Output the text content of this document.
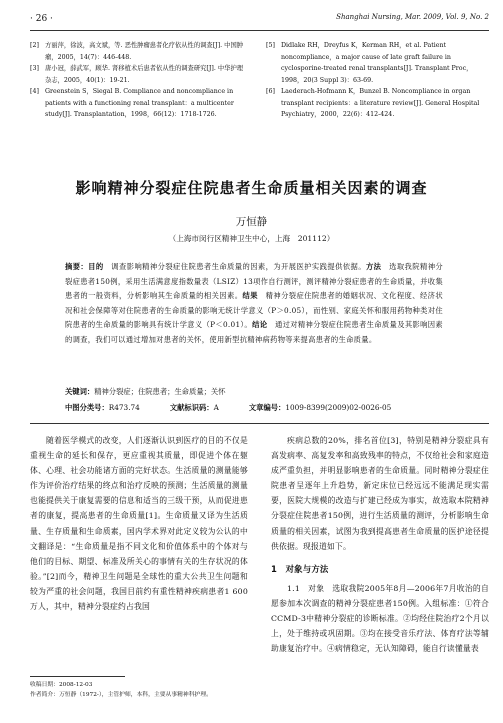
· 26 ·	Shanghai Nursing, Mar. 2009, Vol. 9, No. 2
[2] 方丽萍，徐波，高文斌，等. 恶性肿瘤患者化疗依从性的调查[J]. 中国肿瘤，2005，14(7)：446-448.
[3] 唐小冠，薛武军，顾华. 肾移植术后患者依从性的调查研究[J]. 中华护理杂志，2005，40(1)：19-21.
[4] Greenstein S，Siegal B. Compliance and noncompliance in patients with a functioning renal transplant：a multicenter study[J]. Transplantation，1998，66(12)：1718-1726.
[5] Didlake RH，Dreyfus K，Kerman RH，et al. Patient noncompliance，a major cause of late graft failure in cyclosporine-treated renal transplants[J]. Transplant Proc，1998，20(3 Suppl 3)：63-69.
[6] Laederach-Hofmann K，Bunzel B. Noncompliance in organ transplant recipients：a literature review[J]. General Hospital Psychiatry，2000，22(6)：412-424.
影响精神分裂症住院患者生命质量相关因素的调查
万恒静
（上海市闵行区精神卫生中心，上海　201112）
摘要：目的　调查影响精神分裂症住院患者生命质量的因素，为开展医护实践提供依据。方法　选取我院精神分裂症患者150例，采用生活满意度指数量表（LSIZ）13项作自行测评，测评精神分裂症患者的生命质量，并收集患者的一般资料，分析影响其生命质量的相关因素。结果　精神分裂症住院患者的婚姻状况、文化程度、经济状况和社会保障等对住院患者的生命质量的影响无统计学意义（P＞0.05），而性别、家庭关怀和服用药物种类对住院患者的生命质量的影响具有统计学意义（P＜0.01）。结论　通过对精神分裂症住院患者生命质量及其影响因素的调查，我们可以通过增加对患者的关怀，使用新型抗精神病药物等来提高患者的生命质量。
关键词：精神分裂症；住院患者；生命质量；关怀
中图分类号：R473.74	文献标识码：A	文章编号：1009-8399(2009)02-0026-05

随着医学模式的改变，人们逐渐认识到医疗的目的不仅是重视生命的延长和保存，更应重视其质量，即促进个体在躯体、心理、社会功能诸方面的完好状态。生活质量的测量能够作为评价治疗结果的终点和治疗反映的预测；生活质量的测量也能提供关于康复需要的信息和适当的三级干预，从而促进患者的康复，提高患者的生命质量[1]。生命质量又译为生活质量、生存质量和生命质素，国内学术界对此定义较为公认的中文翻译是：“生命质量是指不同文化和价值体系中的个体对与他们的目标、期望、标准及所关心的事情有关的生存状况的体验。”[2]而今，精神卫生问题是全球性的重大公共卫生问题和较为严重的社会问题，我国目前约有重性精神疾病患者1 600万人，其中，精神分裂症约占我国

疾病总数的20%，排名首位[3]，特别是精神分裂症具有高发病率、高复发率和高致残率的特点，不仅给社会和家庭造成严重负担，并明显影响患者的生命质量。同时精神分裂症住院患者呈逐年上升趋势，新定床位已经远远不能满足现实需要，医院大规模的改造与扩建已经成为事实，故选取本院精神分裂症住院患者150例，进行生活质量的测评，分析影响生命质量的相关因素，试图为我到提高患者生命质量的医护途径提供依据。现报道如下。

1　对象与方法

1.1　对象　选取我院2005年8月—2006年7月收治的自愿参加本次调查的精神分裂症患者150例。入组标准：①符合CCMD-3中精神分裂症的诊断标准。②均经住院治疗2个月以上，处于维持或巩固期。③均在接受音乐疗法、体育疗法等辅助康复治疗中。④病情稳定，无认知障碍，能自行读懂量表

收稿日期：2008-12-03
作者简介：万恒静（1972-），主管护师，本科，主要从事精神科护理。
